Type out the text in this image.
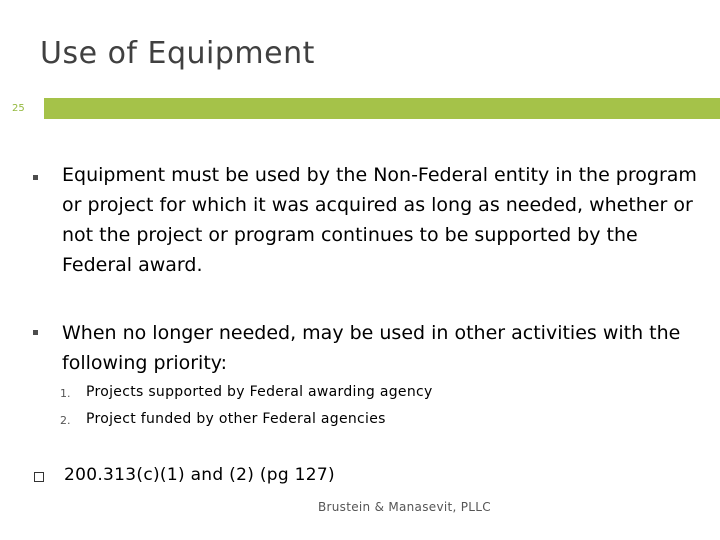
Use of Equipment
25
Equipment must be used by the Non-Federal entity in the program or project for which it was acquired as long as needed, whether or not the project or program continues to be supported by the Federal award.
When no longer needed, may be used in other activities with the following priority:
1. Projects supported by Federal awarding agency
2. Project funded by other Federal agencies
200.313(c)(1) and (2) (pg 127)
Brustein & Manasevit, PLLC
